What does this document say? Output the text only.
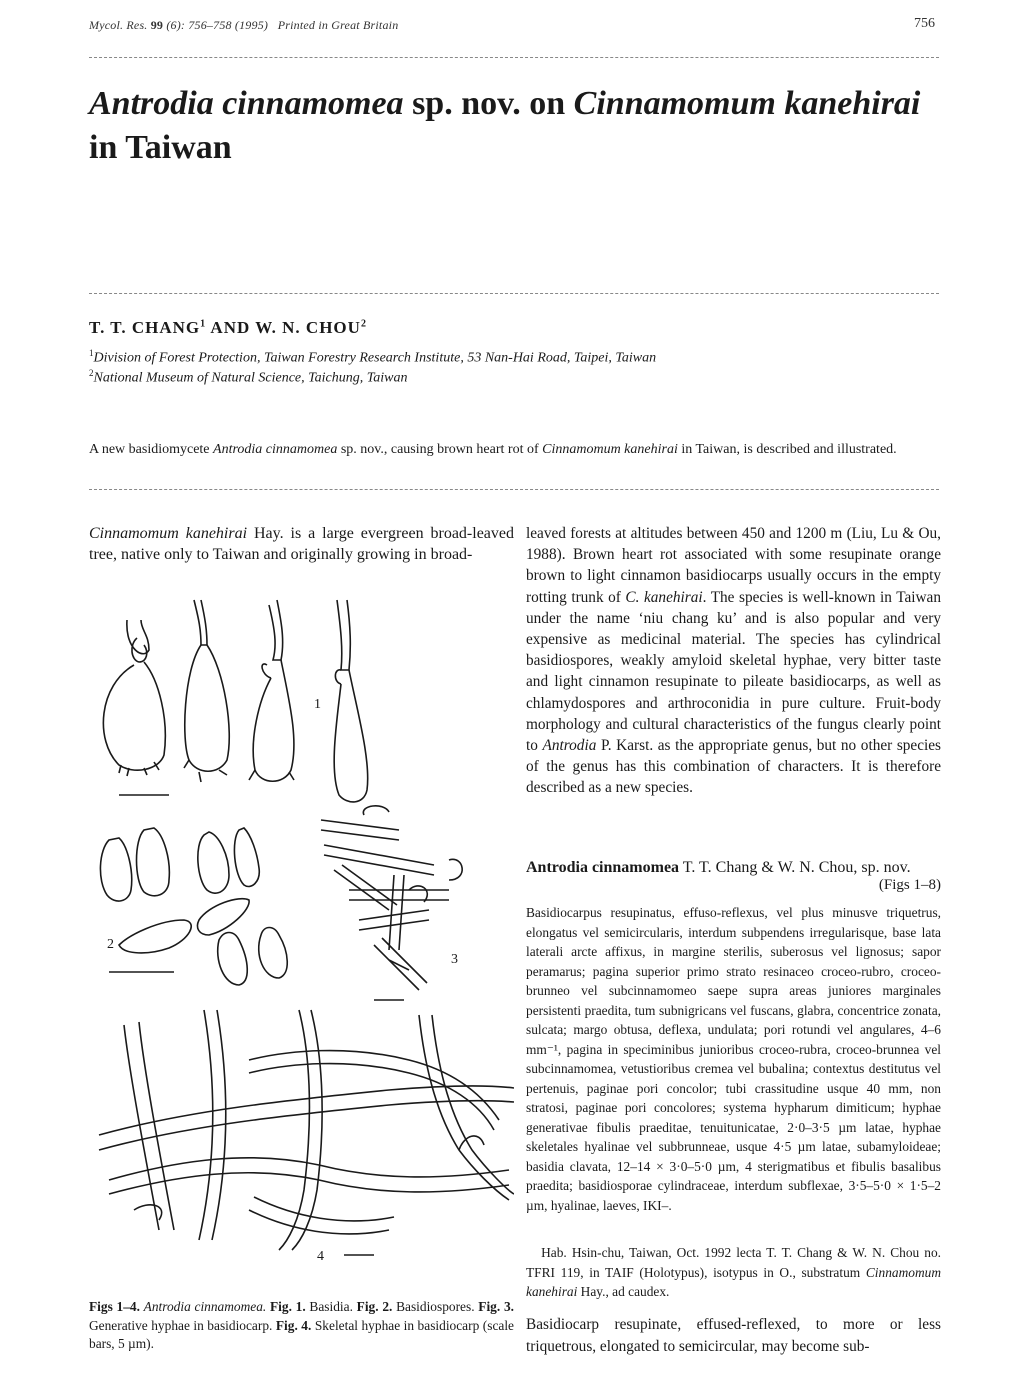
Mycol. Res. 99 (6): 756–758 (1995) Printed in Great Britain	756
Antrodia cinnamomea sp. nov. on Cinnamomum kanehirai in Taiwan
T. T. CHANG$^1$ AND W. N. CHOU$^2$
$^1$Division of Forest Protection, Taiwan Forestry Research Institute, 53 Nan-Hai Road, Taipei, Taiwan
$^2$National Museum of Natural Science, Taichung, Taiwan
A new basidiomycete Antrodia cinnamomea sp. nov., causing brown heart rot of Cinnamomum kanehirai in Taiwan, is described and illustrated.
Cinnamomum kanehirai Hay. is a large evergreen broad-leaved tree, native only to Taiwan and originally growing in broad-
1
2
3
4
Figs 1–4. Antrodia cinnamomea. Fig. 1. Basidia. Fig. 2. Basidiospores. Fig. 3. Generative hyphae in basidiocarp. Fig. 4. Skeletal hyphae in basidiocarp (scale bars, 5 µm).
leaved forests at altitudes between 450 and 1200 m (Liu, Lu & Ou, 1988). Brown heart rot associated with some resupinate orange brown to light cinnamon basidiocarps usually occurs in the empty rotting trunk of C. kanehirai. The species is well-known in Taiwan under the name ‘niu chang ku’ and is also popular and very expensive as medicinal material. The species has cylindrical basidiospores, weakly amyloid skeletal hyphae, very bitter taste and light cinnamon resupinate to pileate basidiocarps, as well as chlamydospores and arthroconidia in pure culture. Fruit-body morphology and cultural characteristics of the fungus clearly point to Antrodia P. Karst. as the appropriate genus, but no other species of the genus has this combination of characters. It is therefore described as a new species.
Antrodia cinnamomea T. T. Chang & W. N. Chou, sp. nov.
(Figs 1–8)
Basidiocarpus resupinatus, effuso-reflexus, vel plus minusve triquetrus, elongatus vel semicircularis, interdum subpendens irregularisque, base lata laterali arcte affixus, in margine sterilis, suberosus vel lignosus; sapor peramarus; pagina superior primo strato resinaceo croceo-rubro, croceo-brunneo vel subcinnamomeo saepe supra areas juniores marginales persistenti praedita, tum subnigricans vel fuscans, glabra, concentrice zonata, sulcata; margo obtusa, deflexa, undulata; pori rotundi vel angulares, 4–6 mm⁻¹, pagina in speciminibus junioribus croceo-rubra, croceo-brunnea vel subcinnamomea, vetustioribus cremea vel bubalina; contextus destitutus vel pertenuis, paginae pori concolor; tubi crassitudine usque 40 mm, non stratosi, paginae pori concolores; systema hypharum dimiticum; hyphae generativae fibulis praeditae, tenuitunicatae, 2·0–3·5 µm latae, hyphae skeletales hyalinae vel subbrunneae, usque 4·5 µm latae, subamyloideae; basidia clavata, 12–14 × 3·0–5·0 µm, 4 sterigmatibus et fibulis basalibus praedita; basidiosporae cylindraceae, interdum subflexae, 3·5–5·0 × 1·5–2 µm, hyalinae, laeves, IKI–.
Hab. Hsin-chu, Taiwan, Oct. 1992 lecta T. T. Chang & W. N. Chou no. TFRI 119, in TAIF (Holotypus), isotypus in O., substratum Cinnamomum kanehirai Hay., ad caudex.
Basidiocarp resupinate, effused-reflexed, to more or less triquetrous, elongated to semicircular, may become sub-
